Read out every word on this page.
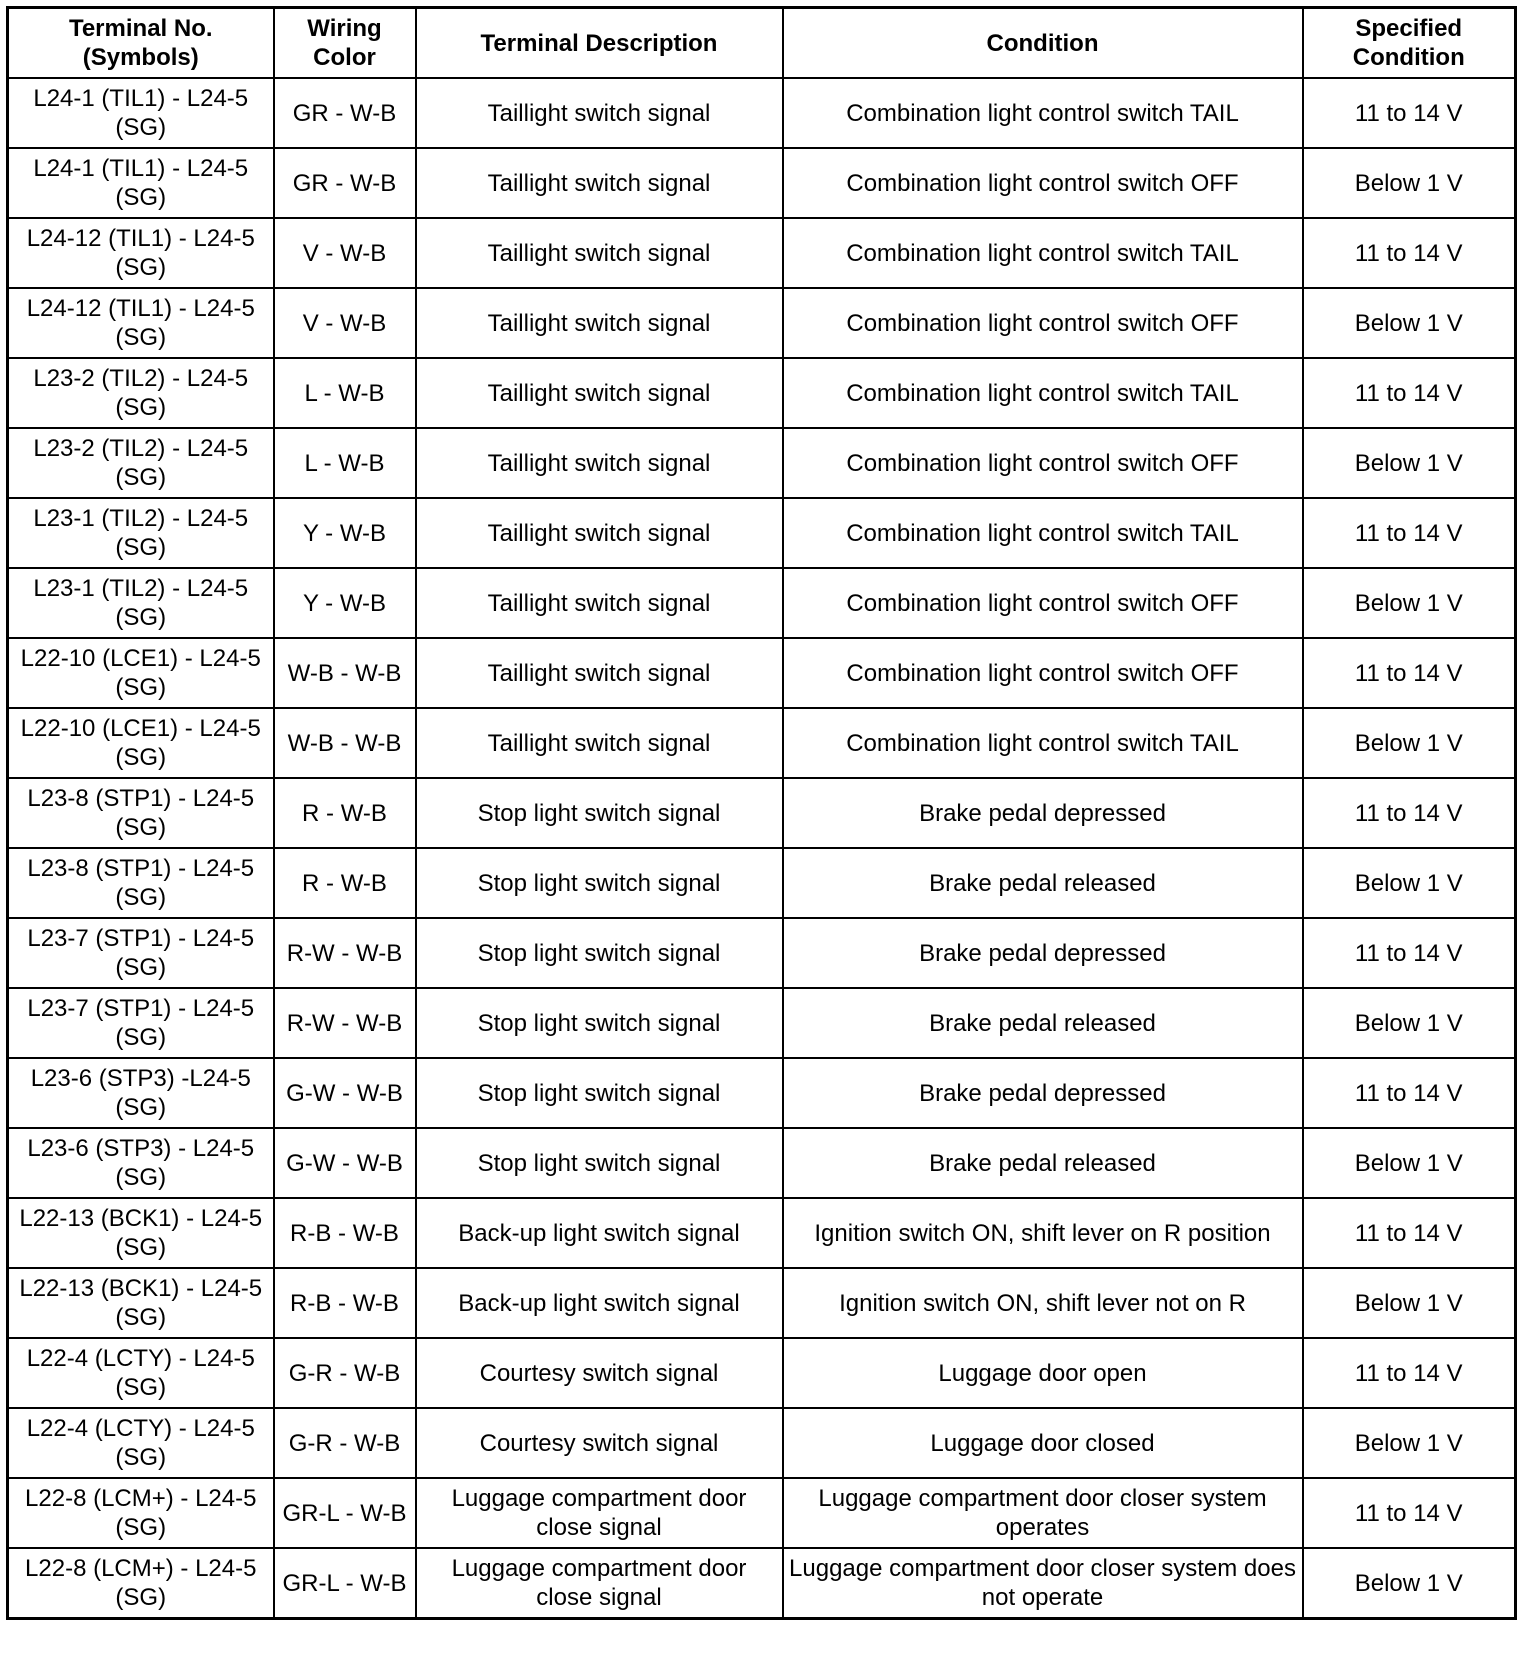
Terminal No. (Symbols)	Wiring Color	Terminal Description	Condition	Specified Condition
L24-1 (TIL1) - L24-5 (SG)	GR - W-B	Taillight switch signal	Combination light control switch TAIL	11 to 14 V
L24-1 (TIL1) - L24-5 (SG)	GR - W-B	Taillight switch signal	Combination light control switch OFF	Below 1 V
L24-12 (TIL1) - L24-5 (SG)	V - W-B	Taillight switch signal	Combination light control switch TAIL	11 to 14 V
L24-12 (TIL1) - L24-5 (SG)	V - W-B	Taillight switch signal	Combination light control switch OFF	Below 1 V
L23-2 (TIL2) - L24-5 (SG)	L - W-B	Taillight switch signal	Combination light control switch TAIL	11 to 14 V
L23-2 (TIL2) - L24-5 (SG)	L - W-B	Taillight switch signal	Combination light control switch OFF	Below 1 V
L23-1 (TIL2) - L24-5 (SG)	Y - W-B	Taillight switch signal	Combination light control switch TAIL	11 to 14 V
L23-1 (TIL2) - L24-5 (SG)	Y - W-B	Taillight switch signal	Combination light control switch OFF	Below 1 V
L22-10 (LCE1) - L24-5 (SG)	W-B - W-B	Taillight switch signal	Combination light control switch OFF	11 to 14 V
L22-10 (LCE1) - L24-5 (SG)	W-B - W-B	Taillight switch signal	Combination light control switch TAIL	Below 1 V
L23-8 (STP1) - L24-5 (SG)	R - W-B	Stop light switch signal	Brake pedal depressed	11 to 14 V
L23-8 (STP1) - L24-5 (SG)	R - W-B	Stop light switch signal	Brake pedal released	Below 1 V
L23-7 (STP1) - L24-5 (SG)	R-W - W-B	Stop light switch signal	Brake pedal depressed	11 to 14 V
L23-7 (STP1) - L24-5 (SG)	R-W - W-B	Stop light switch signal	Brake pedal released	Below 1 V
L23-6 (STP3) -L24-5 (SG)	G-W - W-B	Stop light switch signal	Brake pedal depressed	11 to 14 V
L23-6 (STP3) - L24-5 (SG)	G-W - W-B	Stop light switch signal	Brake pedal released	Below 1 V
L22-13 (BCK1) - L24-5 (SG)	R-B - W-B	Back-up light switch signal	Ignition switch ON, shift lever on R position	11 to 14 V
L22-13 (BCK1) - L24-5 (SG)	R-B - W-B	Back-up light switch signal	Ignition switch ON, shift lever not on R	Below 1 V
L22-4 (LCTY) - L24-5 (SG)	G-R - W-B	Courtesy switch signal	Luggage door open	11 to 14 V
L22-4 (LCTY) - L24-5 (SG)	G-R - W-B	Courtesy switch signal	Luggage door closed	Below 1 V
L22-8 (LCM+) - L24-5 (SG)	GR-L - W-B	Luggage compartment door close signal	Luggage compartment door closer system operates	11 to 14 V
L22-8 (LCM+) - L24-5 (SG)	GR-L - W-B	Luggage compartment door close signal	Luggage compartment door closer system does not operate	Below 1 V
